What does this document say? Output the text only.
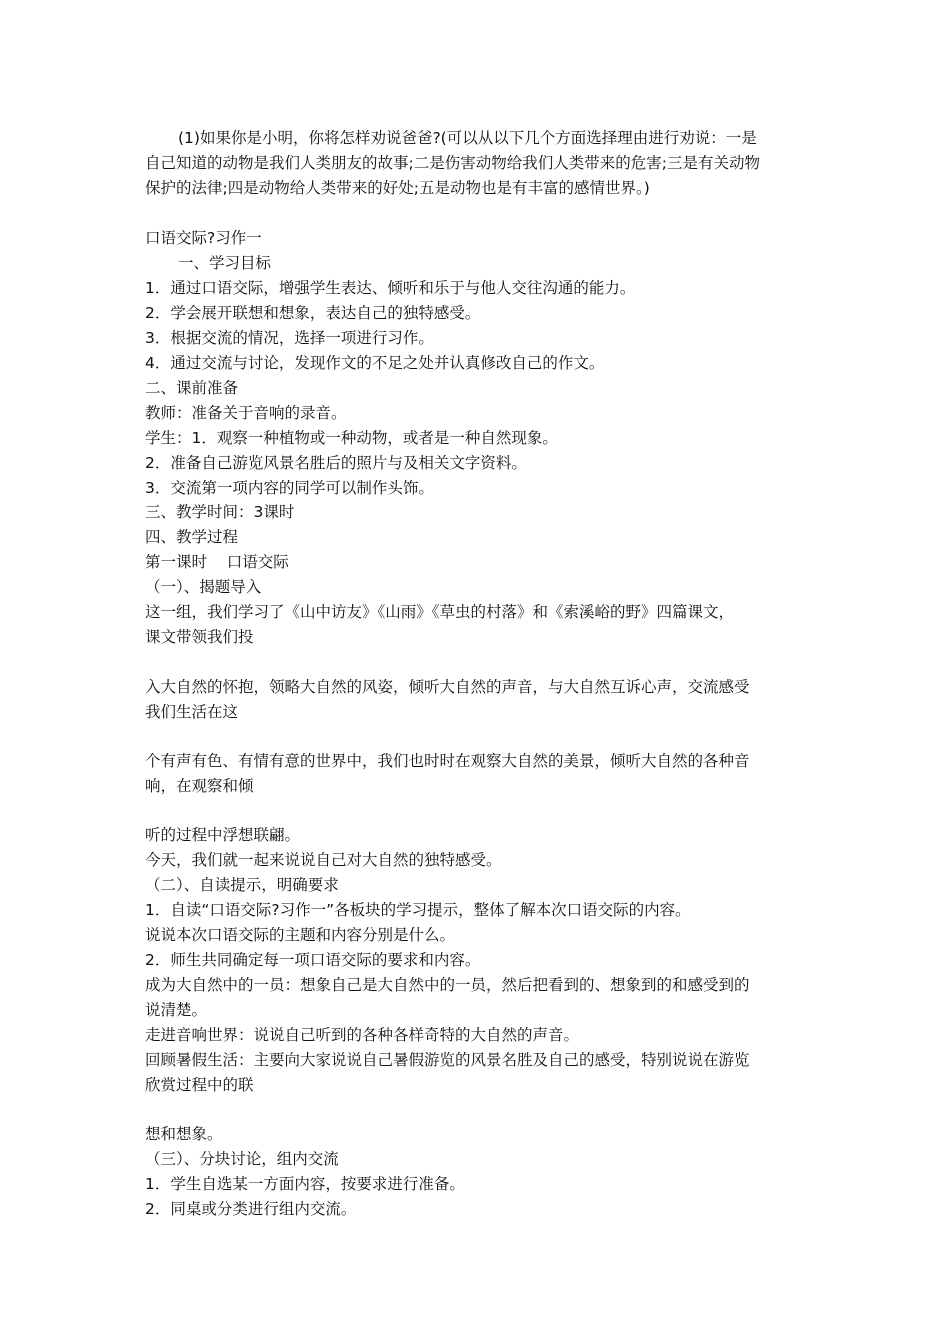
(1)如果你是小明，你将怎样劝说爸爸?(可以从以下几个方面选择理由进行劝说：一是
自己知道的动物是我们人类朋友的故事;二是伤害动物给我们人类带来的危害;三是有关动物
保护的法律;四是动物给人类带来的好处;五是动物也是有丰富的感情世界。)
口语交际?习作一
一、学习目标
1．通过口语交际，增强学生表达、倾听和乐于与他人交往沟通的能力。
2．学会展开联想和想象，表达自己的独特感受。
3．根据交流的情况，选择一项进行习作。
4．通过交流与讨论，发现作文的不足之处并认真修改自己的作文。
二、课前准备
教师：准备关于音响的录音。
学生：1．观察一种植物或一种动物，或者是一种自然现象。
2．准备自己游览风景名胜后的照片与及相关文字资料。
3．交流第一项内容的同学可以制作头饰。
三、教学时间：3课时
四、教学过程
第一课时    口语交际
（一）、揭题导入
这一组，我们学习了《山中访友》《山雨》《草虫的村落》和《索溪峪的野》四篇课文，
课文带领我们投
入大自然的怀抱，领略大自然的风姿，倾听大自然的声音，与大自然互诉心声，交流感受
我们生活在这
个有声有色、有情有意的世界中，我们也时时在观察大自然的美景，倾听大自然的各种音
响，在观察和倾
听的过程中浮想联翩。
今天，我们就一起来说说自己对大自然的独特感受。
（二）、自读提示，明确要求
1．自读“口语交际?习作一”各板块的学习提示，整体了解本次口语交际的内容。
说说本次口语交际的主题和内容分别是什么。
2．师生共同确定每一项口语交际的要求和内容。
成为大自然中的一员：想象自己是大自然中的一员，然后把看到的、想象到的和感受到的
说清楚。
走进音响世界：说说自己听到的各种各样奇特的大自然的声音。
回顾暑假生活：主要向大家说说自己暑假游览的风景名胜及自己的感受，特别说说在游览
欣赏过程中的联
想和想象。
（三）、分块讨论，组内交流
1．学生自选某一方面内容，按要求进行准备。
2．同桌或分类进行组内交流。
